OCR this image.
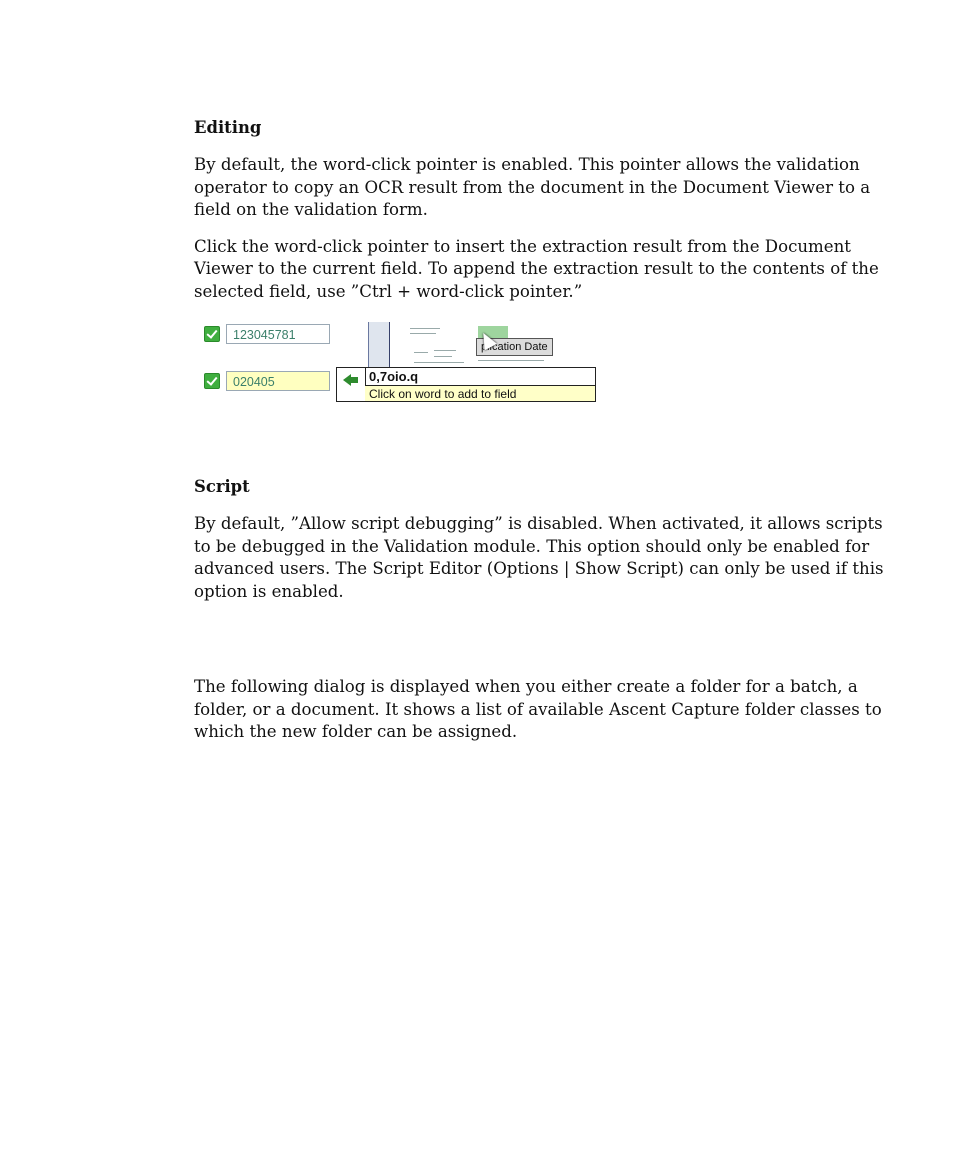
Editing

By default, the word-click pointer is enabled. This pointer allows the validation operator to copy an OCR result from the document in the Document Viewer to a field on the validation form.

Click the word-click pointer to insert the extraction result from the Document Viewer to the current field. To append the extraction result to the contents of the selected field, use ”Ctrl + word-click pointer.”

123045781
020405
plication Date
0,7oio.q
Click on word to add to field
Script

By default, ”Allow script debugging” is disabled. When activated, it allows scripts to be debugged in the Validation module. This option should only be enabled for advanced users. The Script Editor (Options | Show Script) can only be used if this option is enabled.

The following dialog is displayed when you either create a folder for a batch, a folder, or a document. It shows a list of available Ascent Capture folder classes to which the new folder can be assigned.
